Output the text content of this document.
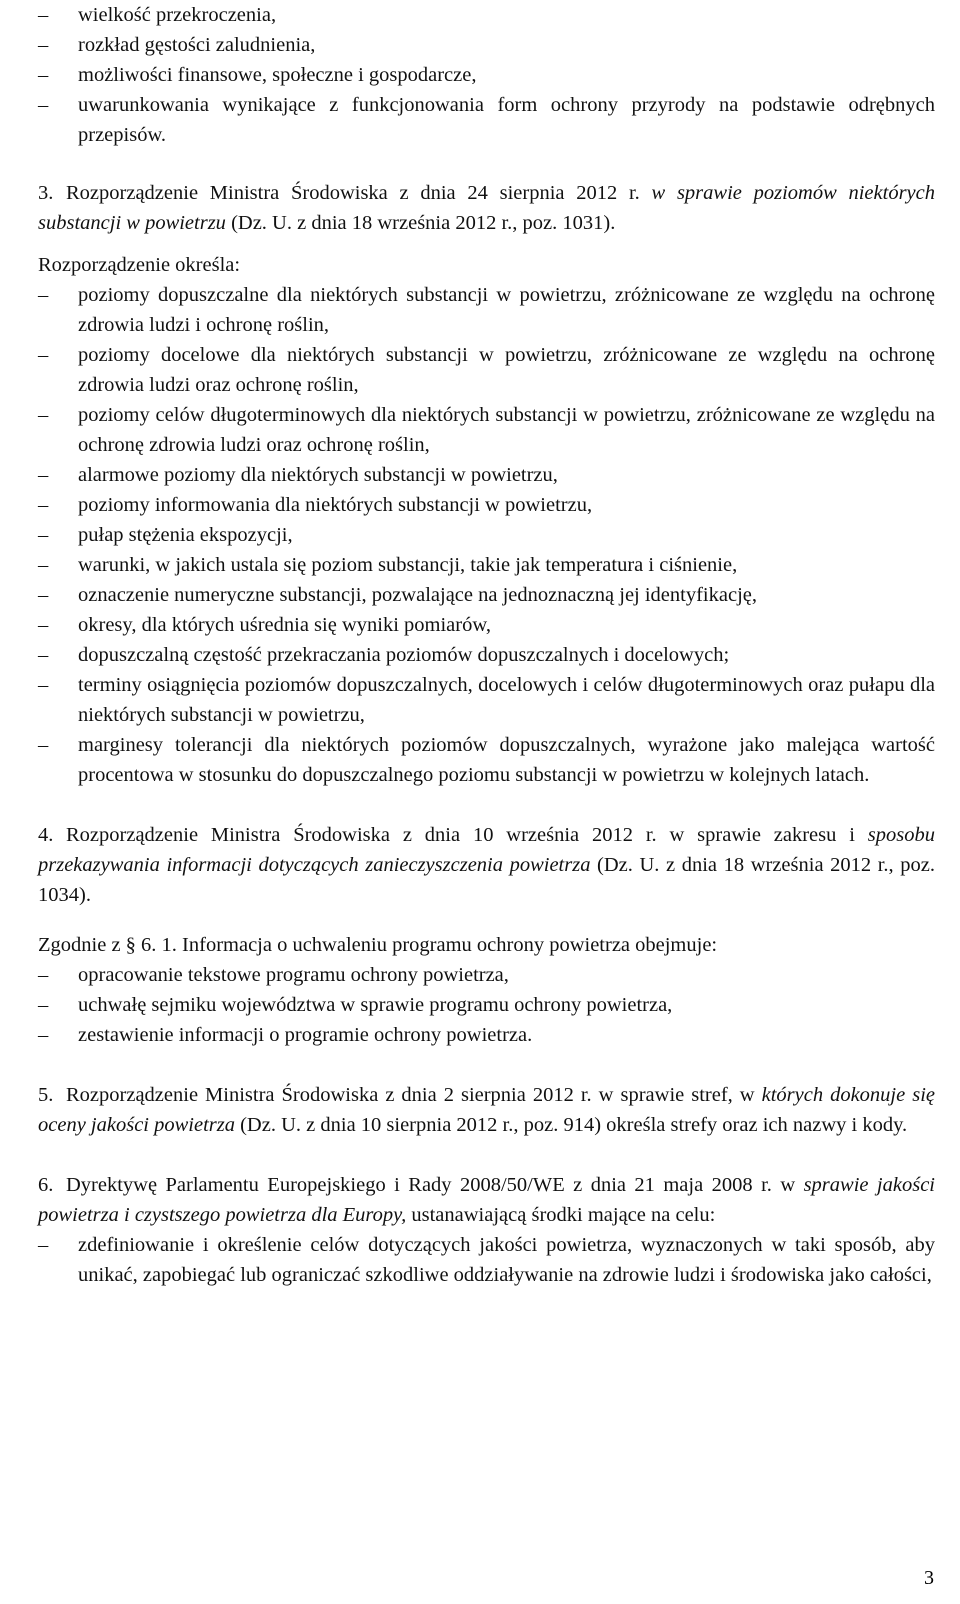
– wielkość przekroczenia,
– rozkład gęstości zaludnienia,
– możliwości finansowe, społeczne i gospodarcze,
– uwarunkowania wynikające z funkcjonowania form ochrony przyrody na podstawie odrębnych przepisów.
3. Rozporządzenie Ministra Środowiska z dnia 24 sierpnia 2012 r. w sprawie poziomów niektórych substancji w powietrzu (Dz. U. z dnia 18 września 2012 r., poz. 1031).
Rozporządzenie określa:
– poziomy dopuszczalne dla niektórych substancji w powietrzu, zróżnicowane ze względu na ochronę zdrowia ludzi i ochronę roślin,
– poziomy docelowe dla niektórych substancji w powietrzu, zróżnicowane ze względu na ochronę zdrowia ludzi oraz ochronę roślin,
– poziomy celów długoterminowych dla niektórych substancji w powietrzu, zróżnicowane ze względu na ochronę zdrowia ludzi oraz ochronę roślin,
– alarmowe poziomy dla niektórych substancji w powietrzu,
– poziomy informowania dla niektórych substancji w powietrzu,
– pułap stężenia ekspozycji,
– warunki, w jakich ustala się poziom substancji, takie jak temperatura i ciśnienie,
– oznaczenie numeryczne substancji, pozwalające na jednoznaczną jej identyfikację,
– okresy, dla których uśrednia się wyniki pomiarów,
– dopuszczalną częstość przekraczania poziomów dopuszczalnych i docelowych;
– terminy osiągnięcia poziomów dopuszczalnych, docelowych i celów długoterminowych oraz pułapu dla niektórych substancji w powietrzu,
– marginesy tolerancji dla niektórych poziomów dopuszczalnych, wyrażone jako malejąca wartość procentowa w stosunku do dopuszczalnego poziomu substancji w powietrzu w kolejnych latach.
4. Rozporządzenie Ministra Środowiska z dnia 10 września 2012 r. w sprawie zakresu i sposobu przekazywania informacji dotyczących zanieczyszczenia powietrza (Dz. U. z dnia 18 września 2012 r., poz. 1034).
Zgodnie z § 6. 1. Informacja o uchwaleniu programu ochrony powietrza obejmuje:
– opracowanie tekstowe programu ochrony powietrza,
– uchwałę sejmiku województwa w sprawie programu ochrony powietrza,
– zestawienie informacji o programie ochrony powietrza.
5. Rozporządzenie Ministra Środowiska z dnia 2 sierpnia 2012 r. w sprawie stref, w których dokonuje się oceny jakości powietrza (Dz. U. z dnia 10 sierpnia 2012 r., poz. 914) określa strefy oraz ich nazwy i kody.
6. Dyrektywę Parlamentu Europejskiego i Rady 2008/50/WE z dnia 21 maja 2008 r. w sprawie jakości powietrza i czystszego powietrza dla Europy, ustanawiającą środki mające na celu:
– zdefiniowanie i określenie celów dotyczących jakości powietrza, wyznaczonych w taki sposób, aby unikać, zapobiegać lub ograniczać szkodliwe oddziaływanie na zdrowie ludzi i środowiska jako całości,
3
